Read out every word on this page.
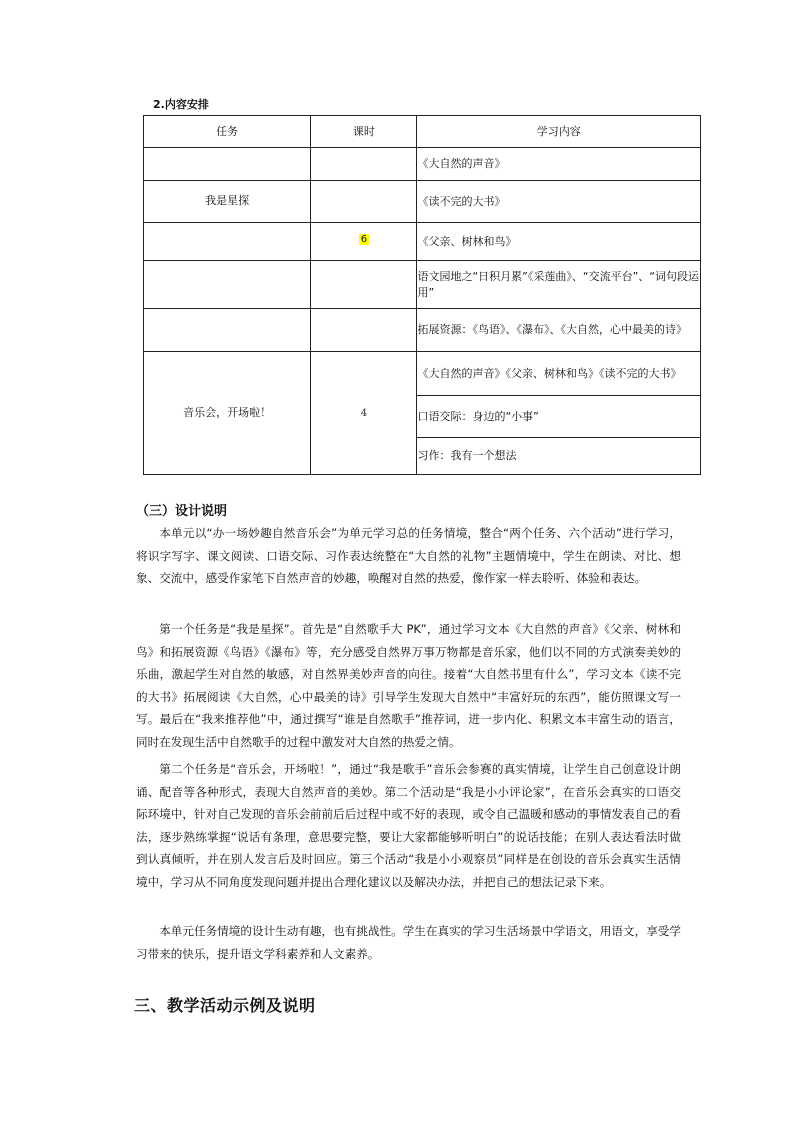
2.内容安排
任务	课时	学习内容
		《大自然的声音》
我是星探	6	《读不完的大书》
		《父亲、树林和鸟》
		语文园地之“日积月累”《采莲曲》、“交流平台”、“词句段运用”
		拓展资源：《鸟语》、《瀑布》、《大自然，心中最美的诗》
音乐会，开场啦！	4	《大自然的声音》《父亲、树林和鸟》《读不完的大书》
		口语交际：身边的“小事”
		习作：我有一个想法
（三）设计说明

本单元以“办一场妙趣自然音乐会”为单元学习总的任务情境，整合“两个任务、六个活动”进行学习，将识字写字、课文阅读、口语交际、习作表达统整在“大自然的礼物”主题情境中，学生在朗读、对比、想象、交流中，感受作家笔下自然声音的妙趣，唤醒对自然的热爱，像作家一样去聆听、体验和表达。

第一个任务是“我是星探”。首先是“自然歌手大 PK”，通过学习文本《大自然的声音》《父亲、树林和鸟》和拓展资源《鸟语》《瀑布》等，充分感受自然界万事万物都是音乐家，他们以不同的方式演奏美妙的乐曲，激起学生对自然的敏感，对自然界美妙声音的向往。接着“大自然书里有什么”，学习文本《读不完的大书》拓展阅读《大自然，心中最美的诗》引导学生发现大自然中“丰富好玩的东西”，能仿照课文写一写。最后在“我来推荐他”中，通过撰写“谁是自然歌手”推荐词，进一步内化、积累文本丰富生动的语言，同时在发现生活中自然歌手的过程中激发对大自然的热爱之情。

第二个任务是“音乐会，开场啦！”，通过“我是歌手”音乐会参赛的真实情境，让学生自己创意设计朗诵、配音等各种形式，表现大自然声音的美妙。第二个活动是“我是小小评论家”，在音乐会真实的口语交际环境中，针对自己发现的音乐会前前后后过程中或不好的表现，或令自己温暖和感动的事情发表自己的看法，逐步熟练掌握“说话有条理，意思要完整，要让大家都能够听明白”的说话技能；在别人表达看法时做到认真倾听，并在别人发言后及时回应。第三个活动“我是小小观察员”同样是在创设的音乐会真实生活情境中，学习从不同角度发现问题并提出合理化建议以及解决办法，并把自己的想法记录下来。

本单元任务情境的设计生动有趣，也有挑战性。学生在真实的学习生活场景中学语文，用语文，享受学习带来的快乐，提升语文学科素养和人文素养。

三、教学活动示例及说明
